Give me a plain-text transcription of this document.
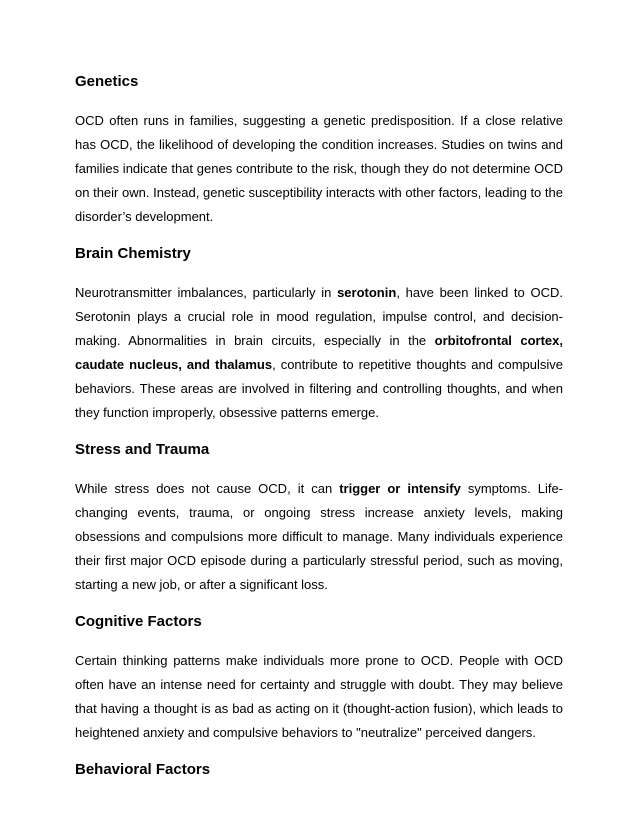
Genetics

OCD often runs in families, suggesting a genetic predisposition. If a close relative has OCD, the likelihood of developing the condition increases. Studies on twins and families indicate that genes contribute to the risk, though they do not determine OCD on their own. Instead, genetic susceptibility interacts with other factors, leading to the disorder’s development.

Brain Chemistry

Neurotransmitter imbalances, particularly in serotonin, have been linked to OCD. Serotonin plays a crucial role in mood regulation, impulse control, and decision-making. Abnormalities in brain circuits, especially in the orbitofrontal cortex, caudate nucleus, and thalamus, contribute to repetitive thoughts and compulsive behaviors. These areas are involved in filtering and controlling thoughts, and when they function improperly, obsessive patterns emerge.

Stress and Trauma

While stress does not cause OCD, it can trigger or intensify symptoms. Life-changing events, trauma, or ongoing stress increase anxiety levels, making obsessions and compulsions more difficult to manage. Many individuals experience their first major OCD episode during a particularly stressful period, such as moving, starting a new job, or after a significant loss.

Cognitive Factors

Certain thinking patterns make individuals more prone to OCD. People with OCD often have an intense need for certainty and struggle with doubt. They may believe that having a thought is as bad as acting on it (thought-action fusion), which leads to heightened anxiety and compulsive behaviors to "neutralize" perceived dangers.

Behavioral Factors
